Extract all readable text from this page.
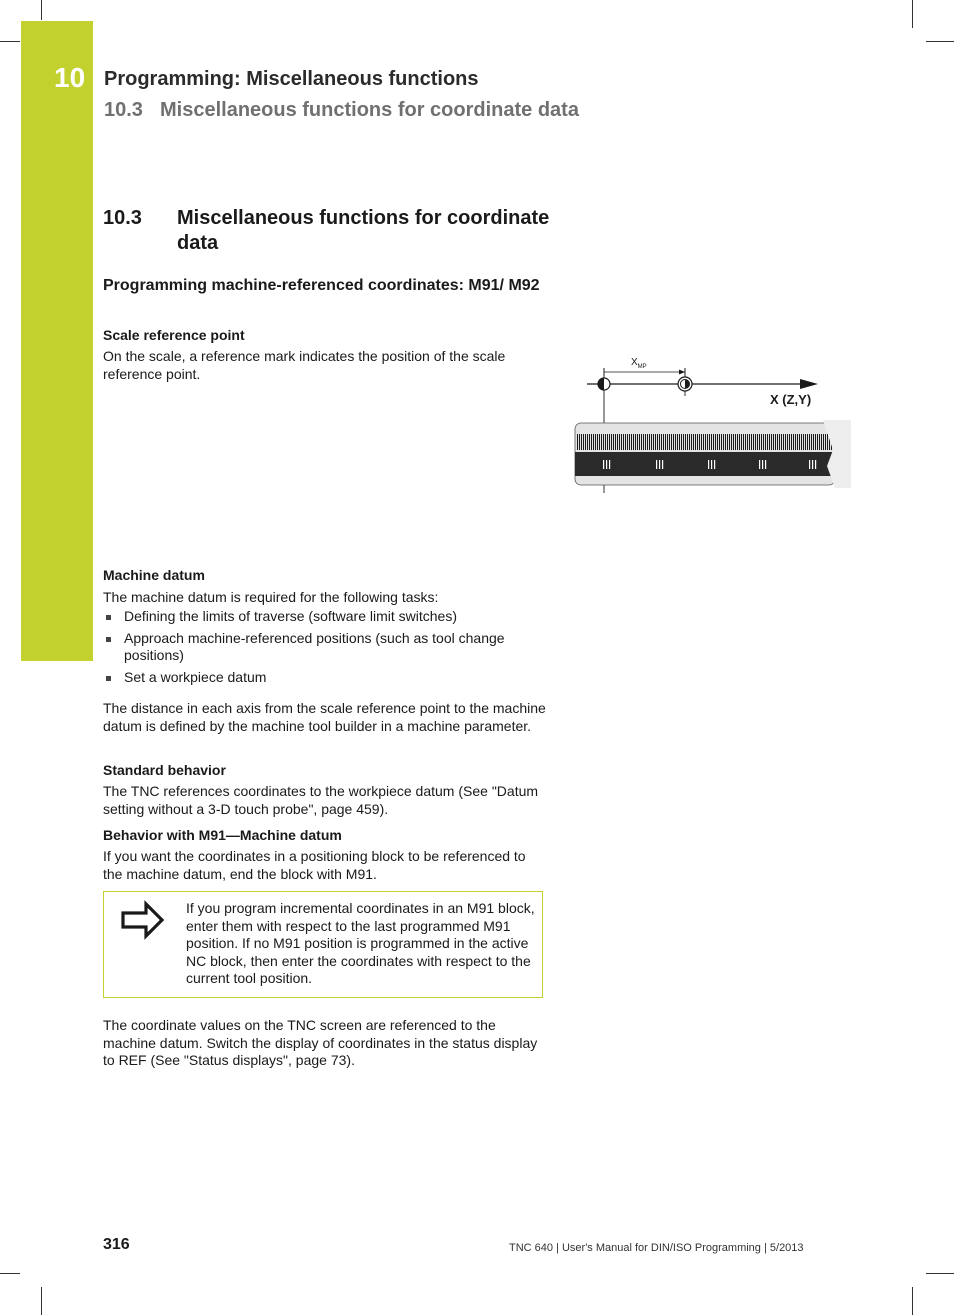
10 Programming: Miscellaneous functions
10.3 Miscellaneous functions for coordinate data
10.3 Miscellaneous functions for coordinate data
Programming machine-referenced coordinates: M91/ M92
Scale reference point
On the scale, a reference mark indicates the position of the scale reference point.
$X_{MP}$
X (Z,Y)
Machine datum
The machine datum is required for the following tasks:
Defining the limits of traverse (software limit switches)
Approach machine-referenced positions (such as tool change positions)
Set a workpiece datum
The distance in each axis from the scale reference point to the machine datum is defined by the machine tool builder in a machine parameter.
Standard behavior
The TNC references coordinates to the workpiece datum (See "Datum setting without a 3-D touch probe", page 459).
Behavior with M91—Machine datum
If you want the coordinates in a positioning block to be referenced to the machine datum, end the block with M91.
If you program incremental coordinates in an M91 block, enter them with respect to the last programmed M91 position. If no M91 position is programmed in the active NC block, then enter the coordinates with respect to the current tool position.
The coordinate values on the TNC screen are referenced to the machine datum. Switch the display of coordinates in the status display to REF (See "Status displays", page 73).
316	TNC 640 | User's Manual for DIN/ISO Programming | 5/2013
